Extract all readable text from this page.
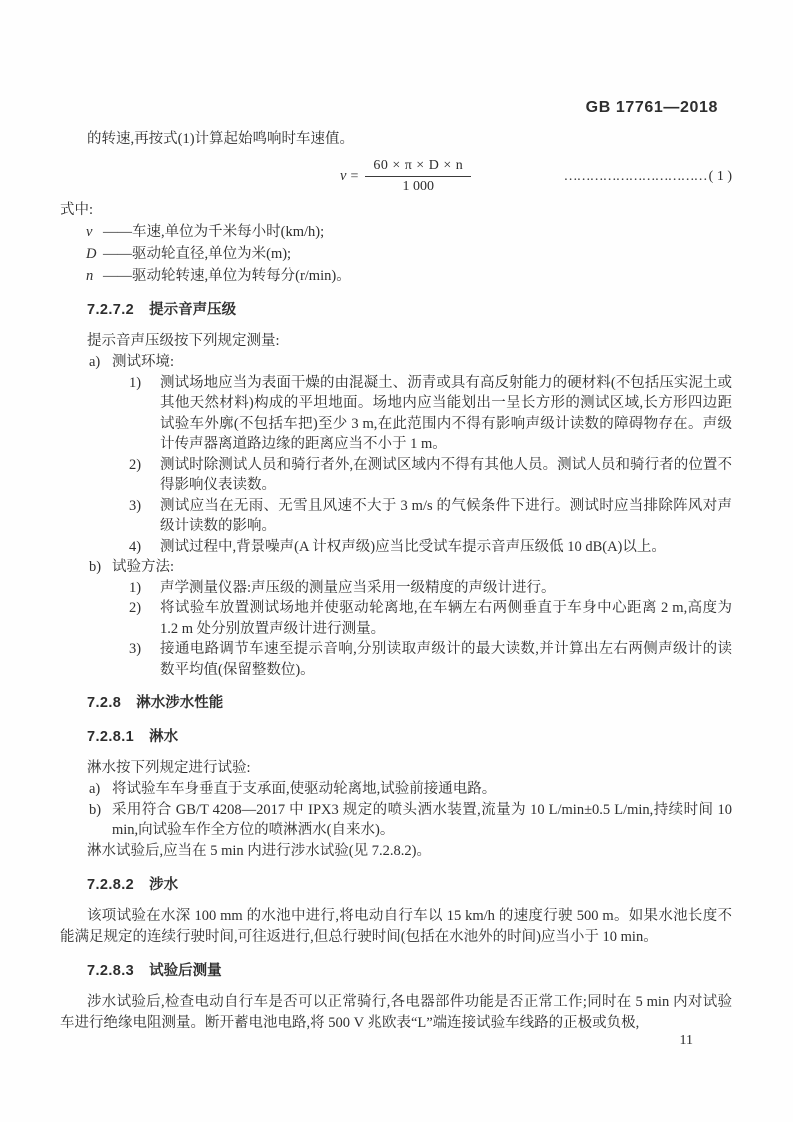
GB 17761—2018

的转速,再按式(1)计算起始鸣响时车速值。

$v = \frac{60 \times \pi \times D \times n}{1 000}$	…………………………… ( 1 )

式中:

v ——车速,单位为千米每小时(km/h);

D ——驱动轮直径,单位为米(m);

n ——驱动轮转速,单位为转每分(r/min)。

7.2.7.2 提示音声压级

提示音声压级按下列规定测量:

a) 测试环境:

1) 测试场地应当为表面干燥的由混凝土、沥青或具有高反射能力的硬材料(不包括压实泥土或其他天然材料)构成的平坦地面。场地内应当能划出一呈长方形的测试区域,长方形四边距试验车外廓(不包括车把)至少 3 m,在此范围内不得有影响声级计读数的障碍物存在。声级计传声器离道路边缘的距离应当不小于 1 m。

2) 测试时除测试人员和骑行者外,在测试区域内不得有其他人员。测试人员和骑行者的位置不得影响仪表读数。

3) 测试应当在无雨、无雪且风速不大于 3 m/s 的气候条件下进行。测试时应当排除阵风对声级计读数的影响。

4) 测试过程中,背景噪声(A 计权声级)应当比受试车提示音声压级低 10 dB(A)以上。

b) 试验方法:

1) 声学测量仪器:声压级的测量应当采用一级精度的声级计进行。

2) 将试验车放置测试场地并使驱动轮离地,在车辆左右两侧垂直于车身中心距离 2 m,高度为 1.2 m 处分别放置声级计进行测量。

3) 接通电路调节车速至提示音响,分别读取声级计的最大读数,并计算出左右两侧声级计的读数平均值(保留整数位)。

7.2.8 淋水涉水性能
7.2.8.1 淋水

淋水按下列规定进行试验:

a) 将试验车车身垂直于支承面,使驱动轮离地,试验前接通电路。

b) 采用符合 GB/T 4208—2017 中 IPX3 规定的喷头洒水装置,流量为 10 L/min±0.5 L/min,持续时间 10 min,向试验车作全方位的喷淋洒水(自来水)。

淋水试验后,应当在 5 min 内进行涉水试验(见 7.2.8.2)。

7.2.8.2 涉水

该项试验在水深 100 mm 的水池中进行,将电动自行车以 15 km/h 的速度行驶 500 m。如果水池长度不能满足规定的连续行驶时间,可往返进行,但总行驶时间(包括在水池外的时间)应当小于 10 min。

7.2.8.3 试验后测量

涉水试验后,检查电动自行车是否可以正常骑行,各电器部件功能是否正常工作;同时在 5 min 内对试验车进行绝缘电阻测量。断开蓄电池电路,将 500 V 兆欧表“L”端连接试验车线路的正极或负极,

11
